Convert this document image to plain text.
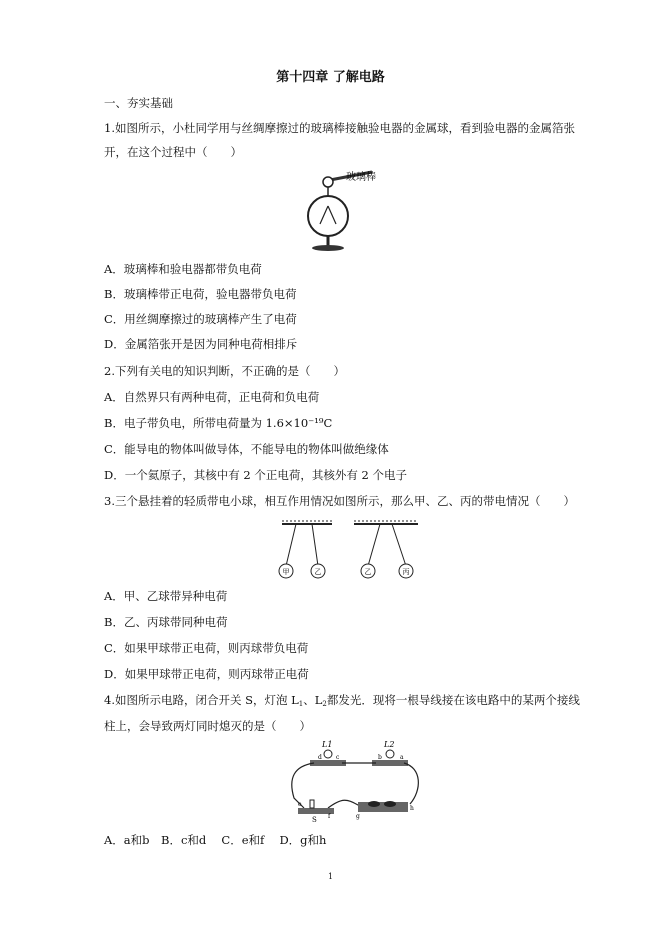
第十四章 了解电路
一、夯实基础
1.如图所示，小杜同学用与丝绸摩擦过的玻璃棒接触验电器的金属球，看到验电器的金属箔张
开，在这个过程中（　　）
玻璃棒
A．玻璃棒和验电器都带负电荷
B．玻璃棒带正电荷，验电器带负电荷
C．用丝绸摩擦过的玻璃棒产生了电荷
D．金属箔张开是因为同种电荷相排斥
2.下列有关电的知识判断，不正确的是（　　）
A．自然界只有两种电荷，正电荷和负电荷
B．电子带负电，所带电荷量为 1.6×10⁻¹⁹C
C．能导电的物体叫做导体，不能导电的物体叫做绝缘体
D．一个氦原子，其核中有 2 个正电荷，其核外有 2 个电子
3.三个悬挂着的轻质带电小球，相互作用情况如图所示，那么甲、乙、丙的带电情况（　　）
甲	乙	乙	丙
A．甲、乙球带异种电荷
B．乙、丙球带同种电荷
C．如果甲球带正电荷，则丙球带负电荷
D．如果甲球带正电荷，则丙球带正电荷
4.如图所示电路，闭合开关 S，灯泡 $L_1$、$L_2$都发光．现将一根导线接在该电路中的某两个接线
柱上，会导致两灯同时熄灭的是（　　）
L1	L2
d c	b	a
e
f
S	g
h
A．a和b　B．c和d　 C．e和f　 D．g和h
1
